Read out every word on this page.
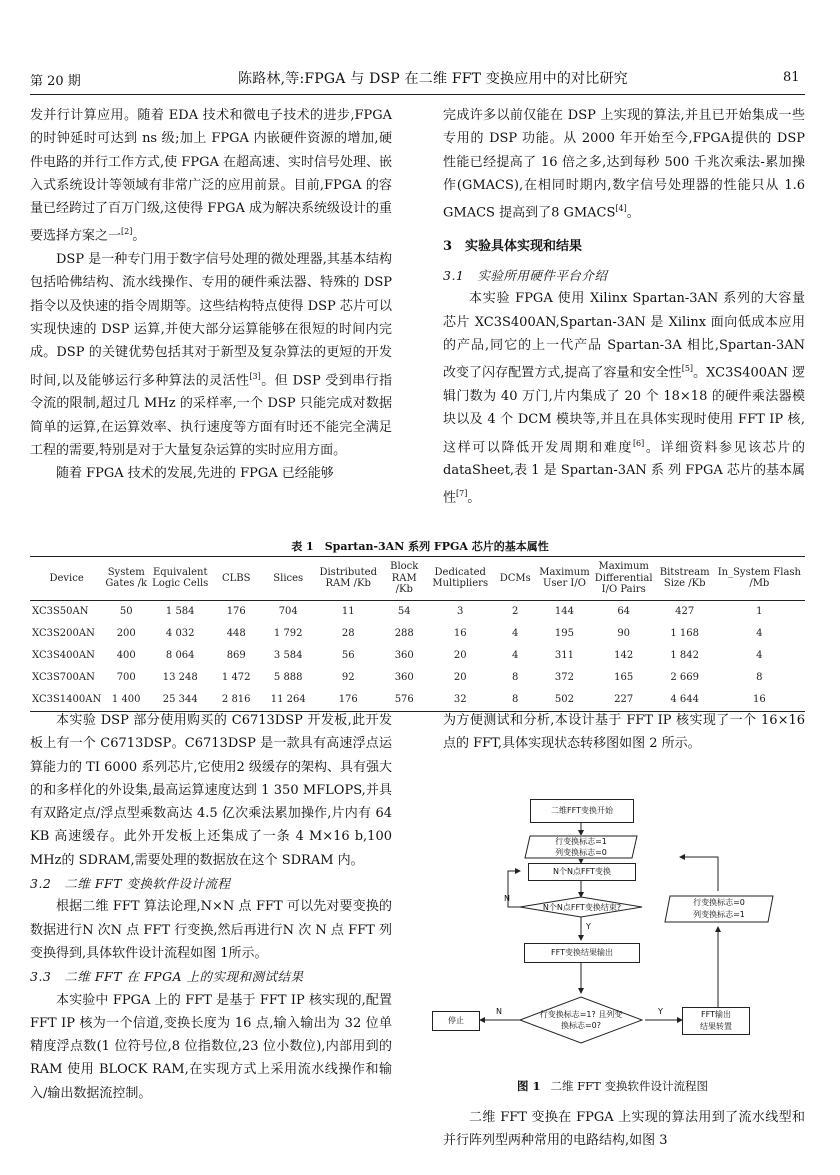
第 20 期	陈路林,等:FPGA 与 DSP 在二维 FFT 变换应用中的对比研究	81

发并行计算应用。随着 EDA 技术和微电子技术的进步,FPGA 的时钟延时可达到 ns 级;加上 FPGA 内嵌硬件资源的增加,硬件电路的并行工作方式,使 FPGA 在超高速、实时信号处理、嵌入式系统设计等领域有非常广泛的应用前景。目前,FPGA 的容量已经跨过了百万门级,这使得 FPGA 成为解决系统级设计的重要选择方案之一[2]。

DSP 是一种专门用于数字信号处理的微处理器,其基本结构包括哈佛结构、流水线操作、专用的硬件乘法器、特殊的 DSP 指令以及快速的指令周期等。这些结构特点使得 DSP 芯片可以实现快速的 DSP 运算,并使大部分运算能够在很短的时间内完成。DSP 的关键优势包括其对于新型及复杂算法的更短的开发时间,以及能够运行多种算法的灵活性[3]。但 DSP 受到串行指令流的限制,超过几 MHz 的采样率,一个 DSP 只能完成对数据简单的运算,在运算效率、执行速度等方面有时还不能完全满足工程的需要,特别是对于大量复杂运算的实时应用方面。

随着 FPGA 技术的发展,先进的 FPGA 已经能够

完成许多以前仅能在 DSP 上实现的算法,并且已开始集成一些专用的 DSP 功能。从 2000 年开始至今,FPGA提供的 DSP 性能已经提高了 16 倍之多,达到每秒 500 千兆次乘法-累加操作(GMACS),在相同时期内,数字信号处理器的性能只从 1.6 GMACS 提高到了8 GMACS[4]。

3　实验具体实现和结果
3.1　实验所用硬件平台介绍

本实验 FPGA 使用 Xilinx Spartan-3AN 系列的大容量芯片 XC3S400AN,Spartan-3AN 是 Xilinx 面向低成本应用的产品,同它的上一代产品 Spartan-3A 相比,Spartan-3AN 改变了闪存配置方式,提高了容量和安全性[5]。XC3S400AN 逻辑门数为 40 万门,片内集成了 20 个 18×18 的硬件乘法器模块以及 4 个 DCM 模块等,并且在具体实现时使用 FFT IP 核,这样可以降低开发周期和难度[6]。详细资料参见该芯片的 dataSheet,表 1 是 Spartan-3AN 系 列 FPGA 芯片的基本属性[7]。

表 1　 Spartan-3AN 系列 FPGA 芯片的基本属性
Device	System Gates /k	Equivalent Logic Cells	CLBS	Slices	Distributed RAM /Kb	Block RAM /Kb	Dedicated Multipliers	DCMs	Maximum User I/O	Maximum Differential I/O Pairs	Bitstream Size /Kb	In_System Flash /Mb
XC3S50AN	50	1 584	176	704	11	54	3	2	144	64	427	1
XC3S200AN	200	4 032	448	1 792	28	288	16	4	195	90	1 168	4
XC3S400AN	400	8 064	869	3 584	56	360	20	4	311	142	1 842	4
XC3S700AN	700	13 248	1 472	5 888	92	360	20	8	372	165	2 669	8
XC3S1400AN	1 400	25 344	2 816	11 264	176	576	32	8	502	227	4 644	16

本实验 DSP 部分使用购买的 C6713DSP 开发板,此开发板上有一个 C6713DSP。C6713DSP 是一款具有高速浮点运算能力的 TI 6000 系列芯片,它使用2 级缓存的架构、具有强大的和多样化的外设集,最高运算速度达到 1 350 MFLOPS,并具有双路定点/浮点型乘数高达 4.5 亿次乘法累加操作,片内有 64 KB 高速缓存。此外开发板上还集成了一条 4 M×16 b,100 MHz的 SDRAM,需要处理的数据放在这个 SDRAM 内。

3.2　二维 FFT 变换软件设计流程

根据二维 FFT 算法论理,N×N 点 FFT 可以先对要变换的数据进行N 次N 点 FFT 行变换,然后再进行N 次 N 点 FFT 列变换得到,具体软件设计流程如图 1所示。

3.3　二维 FFT 在 FPGA 上的实现和测试结果

本实验中 FPGA 上的 FFT 是基于 FFT IP 核实现的,配置 FFT IP 核为一个信道,变换长度为 16 点,输入输出为 32 位单精度浮点数(1 位符号位,8 位指数位,23 位小数位),内部用到的 RAM 使用 BLOCK RAM,在实现方式上采用流水线操作和输入/输出数据流控制。

为方便测试和分析,本设计基于 FFT IP 核实现了一个 16×16点的 FFT,具体实现状态转移图如图 2 所示。

二维 FFT 变换在 FPGA 上实现的算法用到了流水线型和并行阵列型两种常用的电路结构,如图 3

二维FFT变换开始
行变换标志=1
列变换标志=0
N个N点FFT变换
N个N点FFT变换结束?
N
Y
FFT变换结果输出
行变换标志=1? 且列变
换标志=0?
N	Y
停止
FFT输出
结果转置
行变换标志=0
列变换标志=1
图 1 二维 FFT 变换软件设计流程图
